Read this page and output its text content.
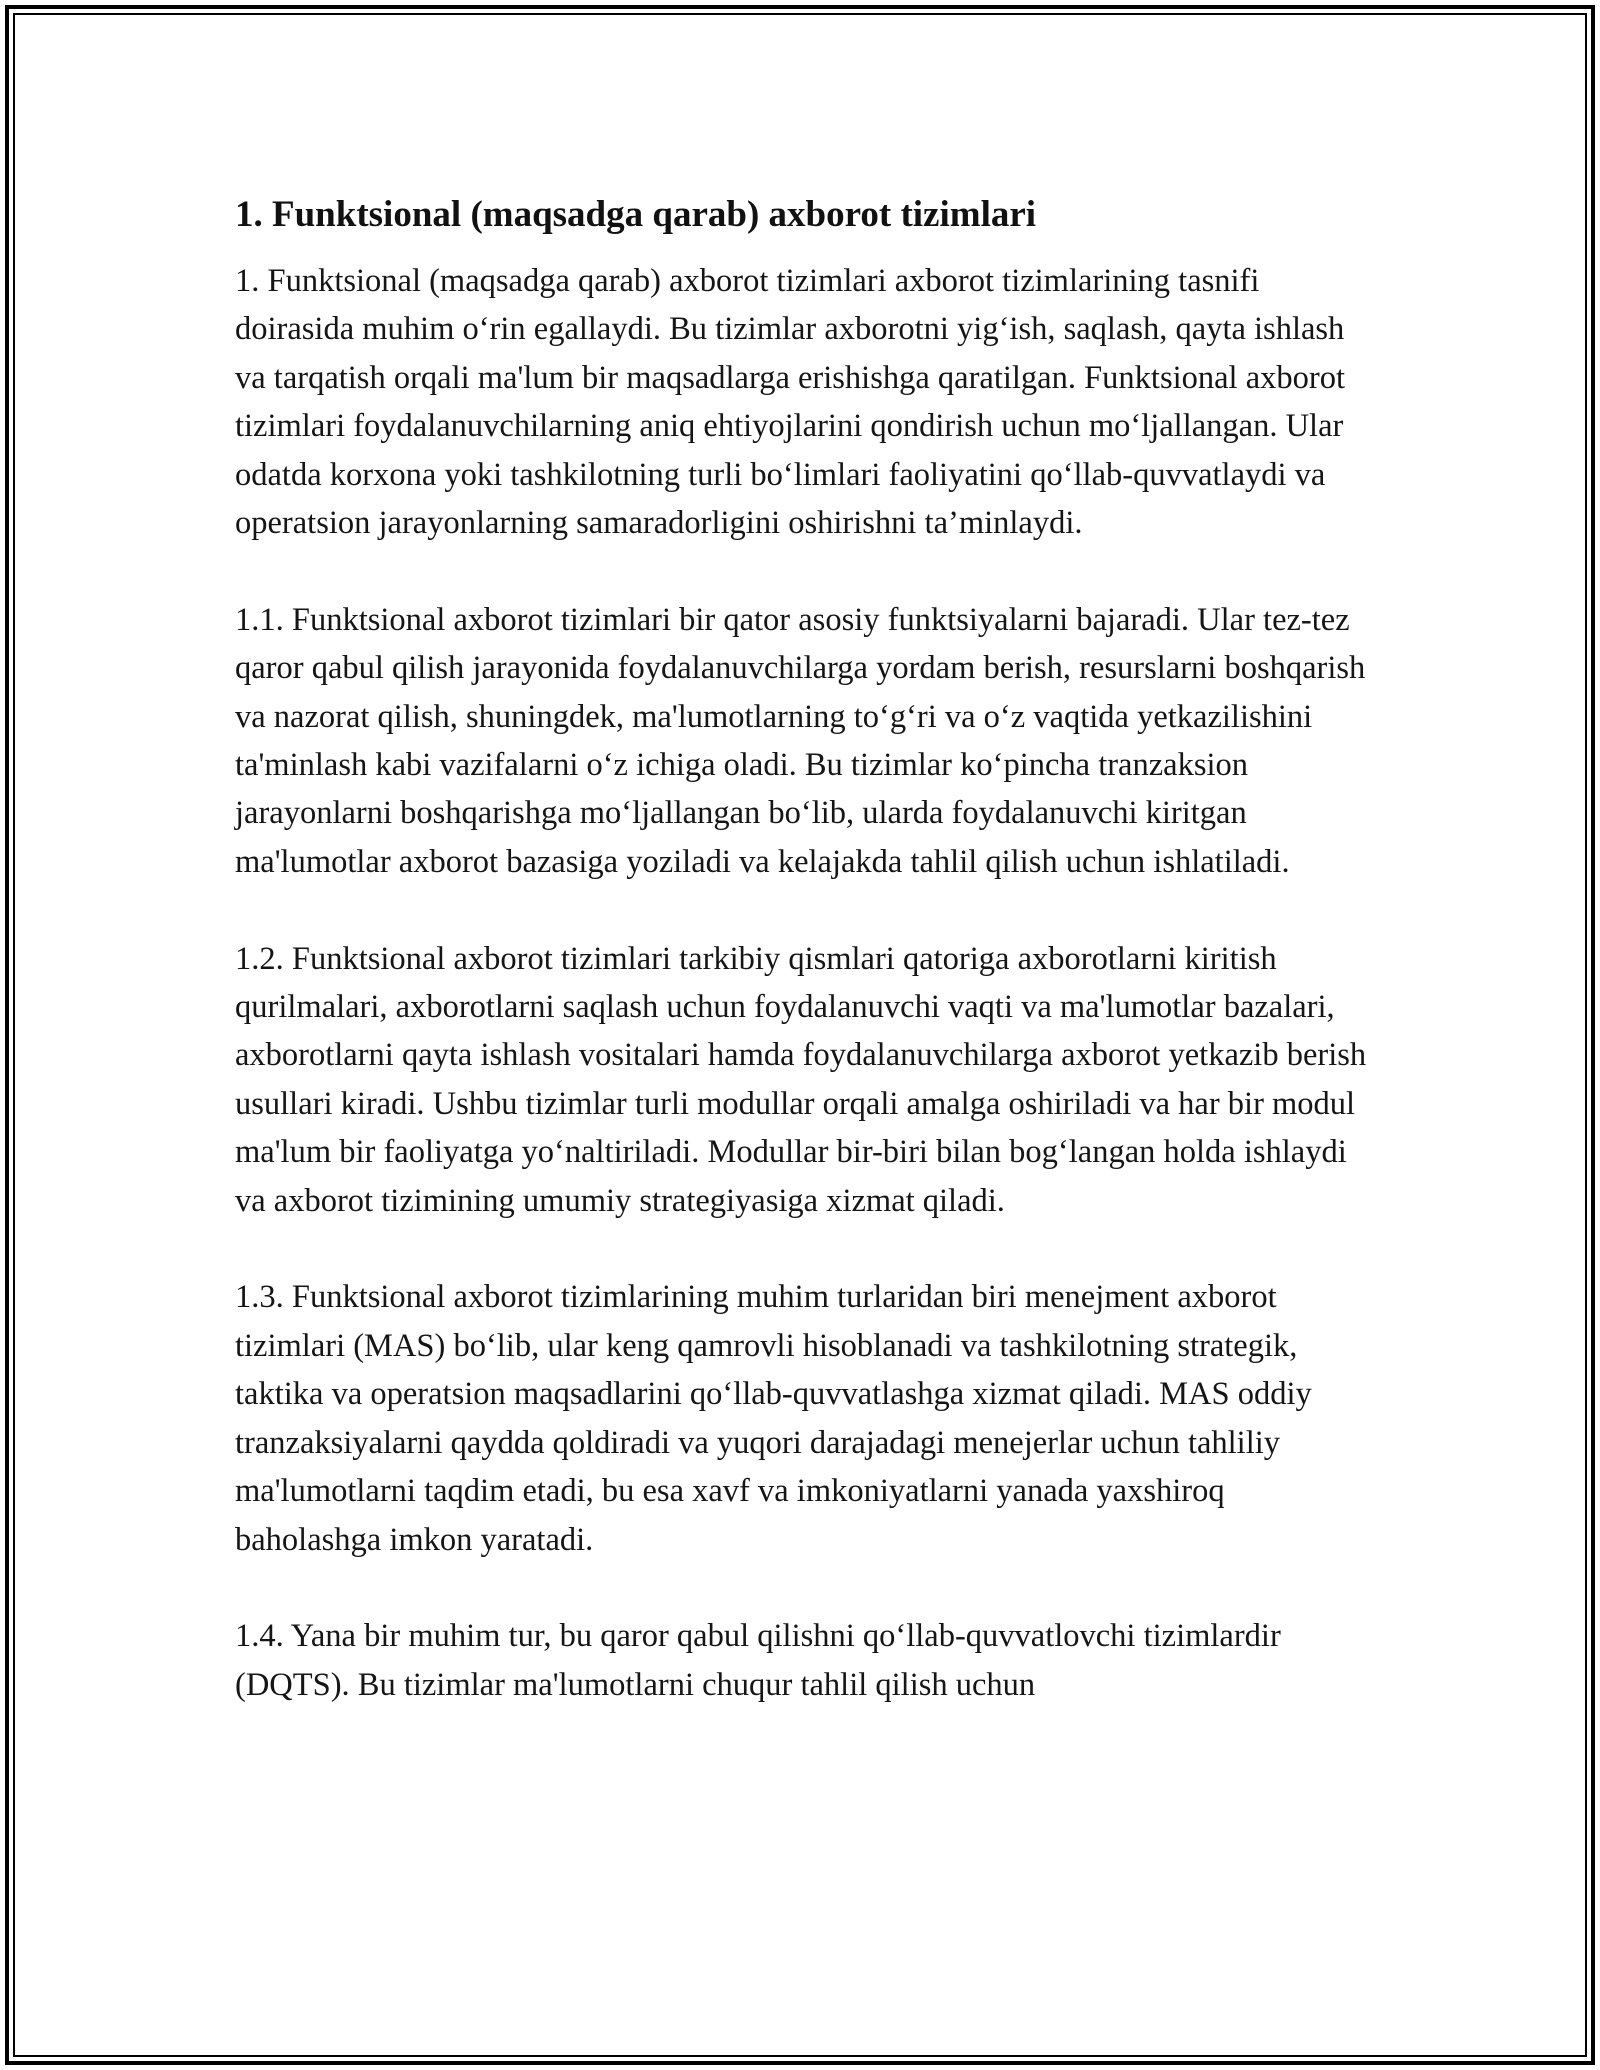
1. Funktsional (maqsadga qarab) axborot tizimlari

1. Funktsional (maqsadga qarab) axborot tizimlari axborot tizimlarining tasnifi doirasida muhim o‘rin egallaydi. Bu tizimlar axborotni yig‘ish, saqlash, qayta ishlash va tarqatish orqali ma'lum bir maqsadlarga erishishga qaratilgan. Funktsional axborot tizimlari foydalanuvchilarning aniq ehtiyojlarini qondirish uchun mo‘ljallangan. Ular odatda korxona yoki tashkilotning turli bo‘limlari faoliyatini qo‘llab-quvvatlaydi va operatsion jarayonlarning samaradorligini oshirishni ta’minlaydi.

1.1. Funktsional axborot tizimlari bir qator asosiy funktsiyalarni bajaradi. Ular tez-tez qaror qabul qilish jarayonida foydalanuvchilarga yordam berish, resurslarni boshqarish va nazorat qilish, shuningdek, ma'lumotlarning to‘g‘ri va o‘z vaqtida yetkazilishini ta'minlash kabi vazifalarni o‘z ichiga oladi. Bu tizimlar ko‘pincha tranzaksion jarayonlarni boshqarishga mo‘ljallangan bo‘lib, ularda foydalanuvchi kiritgan ma'lumotlar axborot bazasiga yoziladi va kelajakda tahlil qilish uchun ishlatiladi.

1.2. Funktsional axborot tizimlari tarkibiy qismlari qatoriga axborotlarni kiritish qurilmalari, axborotlarni saqlash uchun foydalanuvchi vaqti va ma'lumotlar bazalari, axborotlarni qayta ishlash vositalari hamda foydalanuvchilarga axborot yetkazib berish usullari kiradi. Ushbu tizimlar turli modullar orqali amalga oshiriladi va har bir modul ma'lum bir faoliyatga yo‘naltiriladi. Modullar bir-biri bilan bog‘langan holda ishlaydi va axborot tizimining umumiy strategiyasiga xizmat qiladi.

1.3. Funktsional axborot tizimlarining muhim turlaridan biri menejment axborot tizimlari (MAS) bo‘lib, ular keng qamrovli hisoblanadi va tashkilotning strategik, taktika va operatsion maqsadlarini qo‘llab-quvvatlashga xizmat qiladi. MAS oddiy tranzaksiyalarni qaydda qoldiradi va yuqori darajadagi menejerlar uchun tahliliy ma'lumotlarni taqdim etadi, bu esa xavf va imkoniyatlarni yanada yaxshiroq baholashga imkon yaratadi.

1.4. Yana bir muhim tur, bu qaror qabul qilishni qo‘llab-quvvatlovchi tizimlardir (DQTS). Bu tizimlar ma'lumotlarni chuqur tahlil qilish uchun
